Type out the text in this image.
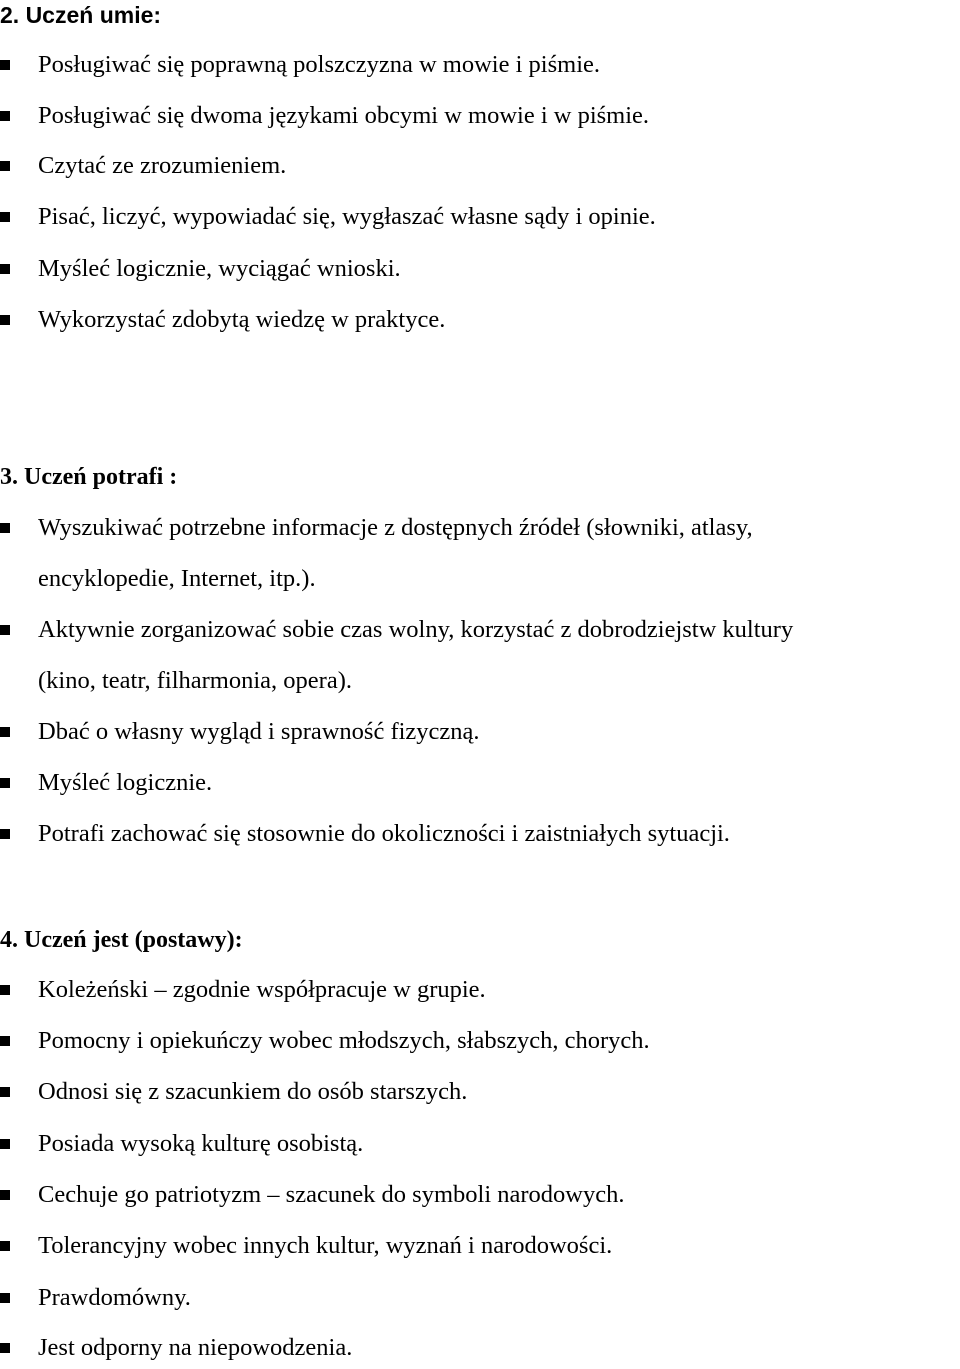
2. Uczeń umie:

Posługiwać się poprawną polszczyzna w mowie i piśmie.

Posługiwać się dwoma językami obcymi w mowie i w piśmie.

Czytać ze zrozumieniem.

Pisać, liczyć, wypowiadać się, wygłaszać własne sądy i opinie.

Myśleć logicznie, wyciągać wnioski.

Wykorzystać zdobytą wiedzę w praktyce.

3. Uczeń potrafi :

Wyszukiwać potrzebne informacje z dostępnych źródeł (słowniki, atlasy,

encyklopedie, Internet, itp.).

Aktywnie zorganizować sobie czas wolny, korzystać z dobrodziejstw kultury

(kino, teatr, filharmonia, opera).

Dbać o własny wygląd i sprawność fizyczną.

Myśleć logicznie.

Potrafi zachować się stosownie do okoliczności i zaistniałych sytuacji.

4. Uczeń jest (postawy):

Koleżeński – zgodnie współpracuje w grupie.

Pomocny i opiekuńczy wobec młodszych, słabszych, chorych.

Odnosi się z szacunkiem do osób starszych.

Posiada wysoką kulturę osobistą.

Cechuje go patriotyzm – szacunek do symboli narodowych.

Tolerancyjny wobec innych kultur, wyznań i narodowości.

Prawdomówny.

Jest odporny na niepowodzenia.
